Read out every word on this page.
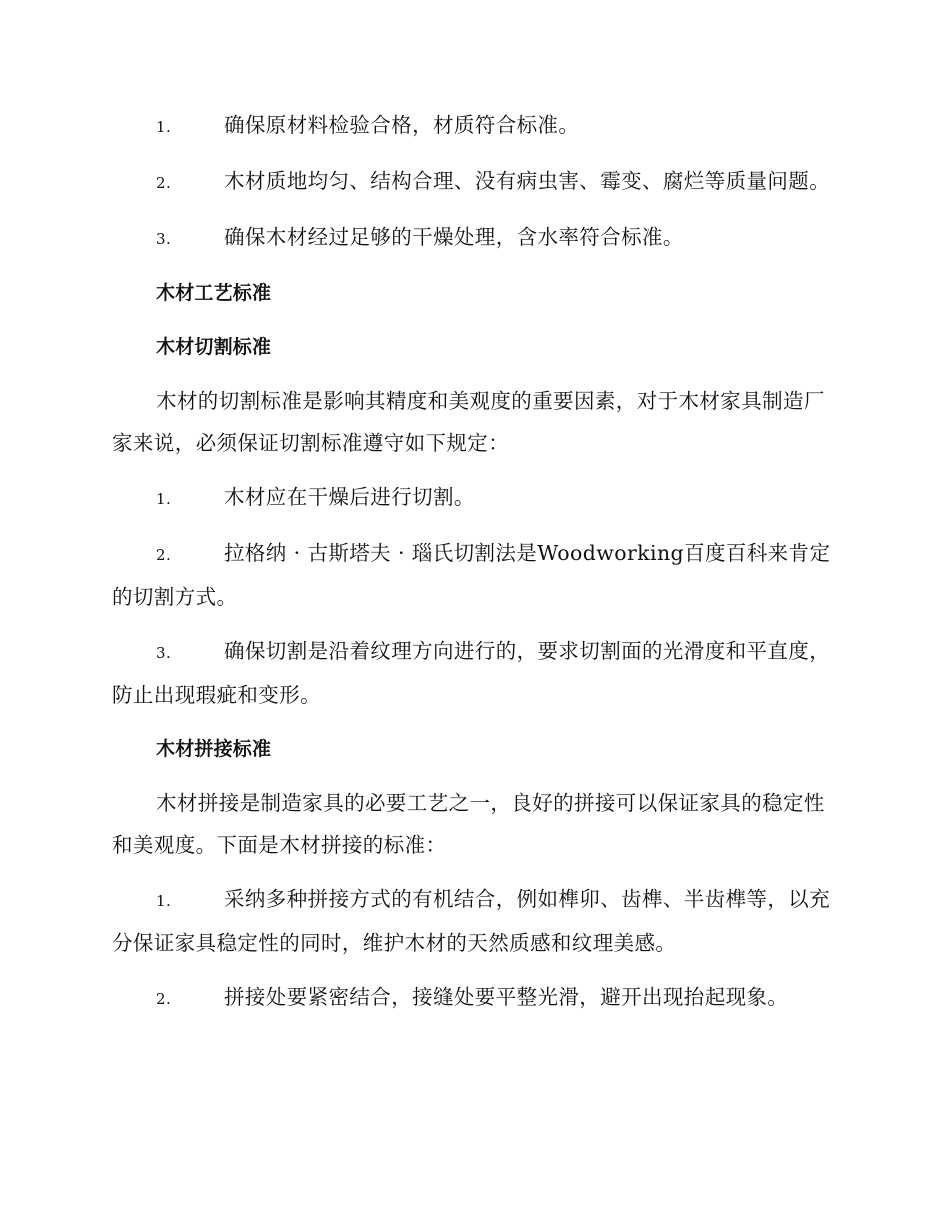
1.	确保原材料检验合格，材质符合标准。

2.	木材质地均匀、结构合理、没有病虫害、霉变、腐烂等质量问题。

3.	确保木材经过足够的干燥处理，含水率符合标准。

木材工艺标准

木材切割标准

木材的切割标准是影响其精度和美观度的重要因素，对于木材家具制造厂家来说，必须保证切割标准遵守如下规定：

1.	木材应在干燥后进行切割。

2.	拉格纳 · 古斯塔夫 · 瑙氏切割法是Woodworking百度百科来肯定的切割方式。

3.	确保切割是沿着纹理方向进行的，要求切割面的光滑度和平直度，防止出现瑕疵和变形。

木材拼接标准

木材拼接是制造家具的必要工艺之一，良好的拼接可以保证家具的稳定性和美观度。下面是木材拼接的标准：

1.	采纳多种拼接方式的有机结合，例如榫卯、齿榫、半齿榫等，以充分保证家具稳定性的同时，维护木材的天然质感和纹理美感。

2.	拼接处要紧密结合，接缝处要平整光滑，避开出现抬起现象。
